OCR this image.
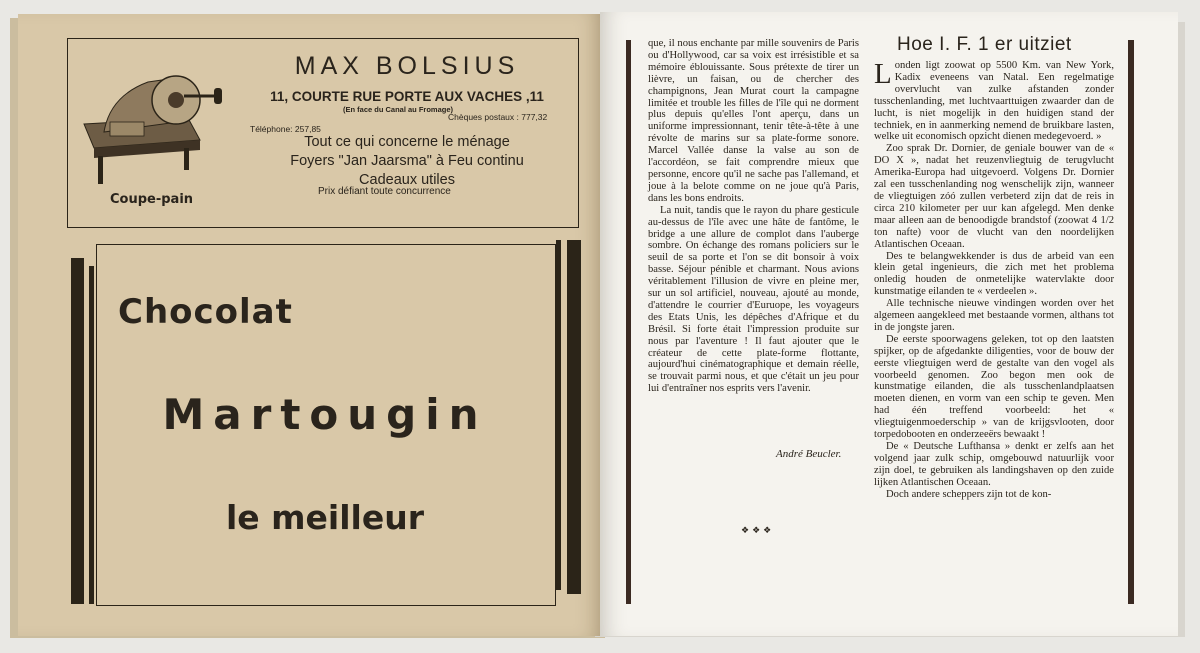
Coupe-pain
MAX BOLSIUS
11, COURTE RUE PORTE AUX VACHES ,11
(En face du Canal au Fromage)
Chèques postaux : 777,32
Téléphone: 257,85
Tout ce qui concerne le ménage
Foyers "Jan Jaarsma" à Feu continu
Cadeaux utiles
Prix défiant toute concurrence
Chocolat
Martougin
le meilleur

que, il nous enchante par mille souvenirs de Paris ou d'Hollywood, car sa voix est irrésistible et sa mémoire éblouissante. Sous prétexte de tirer un lièvre, un faisan, ou de chercher des champignons, Jean Murat court la campagne limitée et trouble les filles de l'île qui ne dorment plus depuis qu'elles l'ont aperçu, dans un uniforme impressionnant, tenir tête-à-tête à une révolte de marins sur sa plate-forme sonore. Marcel Vallée danse la valse au son de l'accordéon, se fait comprendre mieux que personne, encore qu'il ne sache pas l'allemand, et joue à la belote comme on ne joue qu'à Paris, dans les bons endroits.

La nuit, tandis que le rayon du phare gesticule au-dessus de l'île avec une hâte de fantôme, le bridge a une allure de complot dans l'auberge sombre. On échange des romans policiers sur le seuil de sa porte et l'on se dit bonsoir à voix basse. Séjour pénible et charmant. Nous avions véritablement l'illusion de vivre en pleine mer, sur un sol artificiel, nouveau, ajouté au monde, d'attendre le courrier d'Euruope, les voyageurs des Etats Unis, les dépêches d'Afrique et du Brésil. Si forte était l'impression produite sur nous par l'aventure ! Il faut ajouter que le créateur de cette plate-forme flottante, aujourd'hui cinématographique et demain réelle, se trouvait parmi nous, et que c'était un jeu pour lui d'entraîner nos esprits vers l'avenir.

André Beucler.
❖❖❖
Hoe I. F. 1 er uitziet

Londen ligt zoowat op 5500 Km. van New York, Kadix eveneens van Natal. Een regelmatige overvlucht van zulke afstanden zonder tusschenlanding, met luchtvaarttuigen zwaarder dan de lucht, is niet mogelijk in den huidigen stand der techniek, en in aanmerking nemend de bruikbare lasten, welke uit economisch opzicht dienen medegevoerd. »

Zoo sprak Dr. Dornier, de geniale bouwer van de « DO X », nadat het reuzenvliegtuig de terugvlucht Amerika-Europa had uitgevoerd. Volgens Dr. Dornier zal een tusschenlanding nog wenschelijk zijn, wanneer de vliegtuigen zóó zullen verbeterd zijn dat de reis in circa 210 kilometer per uur kan afgelegd. Men denke maar alleen aan de benoodigde brandstof (zoowat 4 1/2 ton nafte) voor de vlucht van den noordelijken Atlantischen Oceaan.

Des te belangwekkender is dus de arbeid van een klein getal ingenieurs, die zich met het problema onledig houden de onmetelijke watervlakte door kunstmatige eilanden te « verdeelen ».

Alle technische nieuwe vindingen worden over het algemeen aangekleed met bestaande vormen, althans tot in de jongste jaren.

De eerste spoorwagens geleken, tot op den laatsten spijker, op de afgedankte diligenties, voor de bouw der eerste vliegtuigen werd de gestalte van den vogel als voorbeeld genomen. Zoo begon men ook de kunstmatige eilanden, die als tusschenlandplaatsen moeten dienen, en vorm van een schip te geven. Men had één treffend voorbeeld: het « vliegtuigenmoederschip » van de krijgsvlooten, door torpedobooten en onderzeeërs bewaakt !

De « Deutsche Lufthansa » denkt er zelfs aan het volgend jaar zulk schip, omgebouwd natuurlijk voor zijn doel, te gebruiken als landingshaven op den zuide lijken Atlantischen Oceaan.

Doch andere scheppers zijn tot de kon-
